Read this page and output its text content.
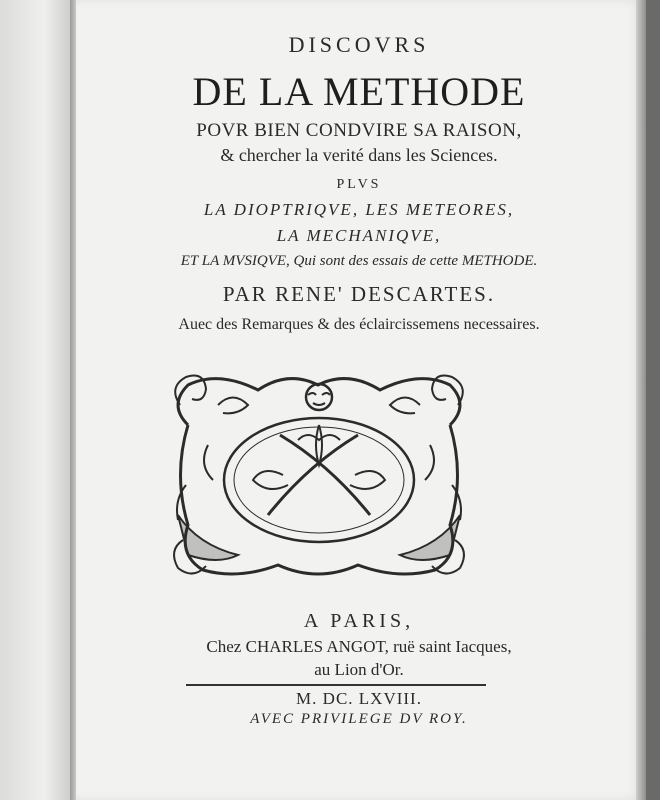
DISCOVRS
DE LA METHODE
POVR BIEN CONDVIRE SA RAISON,
& chercher la verité dans les Sciences.
PLVS
LA DIOPTRIQVE, LES METEORES,
LA MECHANIQVE,
ET LA MVSIQVE, Qui sont des essais de cette METHODE.
PAR RENE' DESCARTES.
Auec des Remarques & des éclaircissemens necessaires.
A PARIS,
Chez CHARLES ANGOT, ruë saint Iacques,
au Lion d'Or.
M. DC. LXVIII.
AVEC PRIVILEGE DV ROY.
